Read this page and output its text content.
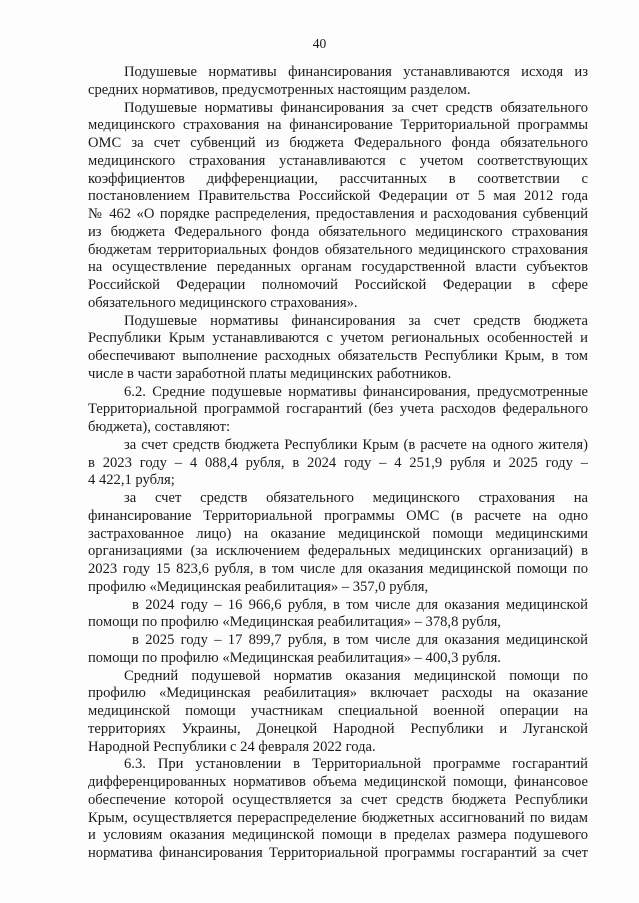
40
Подушевые нормативы финансирования устанавливаются исходя из
средних нормативов, предусмотренных настоящим разделом.
Подушевые нормативы финансирования за счет средств обязательного
медицинского страхования на финансирование Территориальной программы
ОМС за счет субвенций из бюджета Федерального фонда обязательного
медицинского страхования устанавливаются с учетом соответствующих
коэффициентов дифференциации, рассчитанных в соответствии с
постановлением Правительства Российской Федерации от 5 мая 2012 года
№ 462 «О порядке распределения, предоставления и расходования субвенций
из бюджета Федерального фонда обязательного медицинского страхования
бюджетам территориальных фондов обязательного медицинского страхования
на осуществление переданных органам государственной власти субъектов
Российской Федерации полномочий Российской Федерации в сфере
обязательного медицинского страхования».
Подушевые нормативы финансирования за счет средств бюджета
Республики Крым устанавливаются с учетом региональных особенностей и
обеспечивают выполнение расходных обязательств Республики Крым, в том
числе в части заработной платы медицинских работников.
6.2. Средние подушевые нормативы финансирования, предусмотренные
Территориальной программой госгарантий (без учета расходов федерального
бюджета), составляют:
за счет средств бюджета Республики Крым (в расчете на одного жителя)
в 2023 году – 4 088,4 рубля, в 2024 году – 4 251,9 рубля и 2025 году –
4 422,1 рубля;
за счет средств обязательного медицинского страхования на
финансирование Территориальной программы ОМС (в расчете на одно
застрахованное лицо) на оказание медицинской помощи медицинскими
организациями (за исключением федеральных медицинских организаций) в
2023 году 15 823,6 рубля, в том числе для оказания медицинской помощи по
профилю «Медицинская реабилитация» – 357,0 рубля,
в 2024 году – 16 966,6 рубля, в том числе для оказания медицинской
помощи по профилю «Медицинская реабилитация» – 378,8 рубля,
в 2025 году – 17 899,7 рубля, в том числе для оказания медицинской
помощи по профилю «Медицинская реабилитация» – 400,3 рубля.
Средний подушевой норматив оказания медицинской помощи по
профилю «Медицинская реабилитация» включает расходы на оказание
медицинской помощи участникам специальной военной операции на
территориях Украины, Донецкой Народной Республики и Луганской
Народной Республики с 24 февраля 2022 года.
6.3. При установлении в Территориальной программе госгарантий
дифференцированных нормативов объема медицинской помощи, финансовое
обеспечение которой осуществляется за счет средств бюджета Республики
Крым, осуществляется перераспределение бюджетных ассигнований по видам
и условиям оказания медицинской помощи в пределах размера подушевого
норматива финансирования Территориальной программы госгарантий за счет
